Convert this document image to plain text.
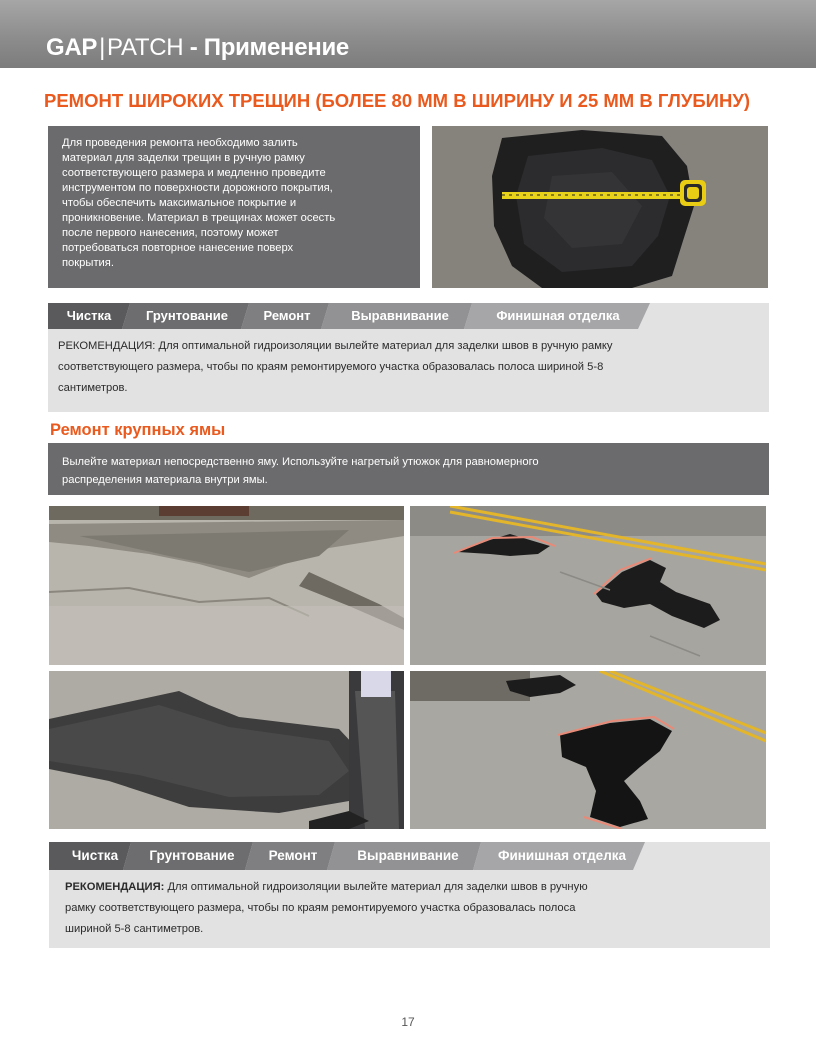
GAP|PATCH - Применение
РЕМОНТ ШИРОКИХ ТРЕЩИН (БОЛЕЕ 80 ММ В ШИРИНУ И 25 ММ В ГЛУБИНУ)

Для проведения ремонта необходимо залить

материал для заделки трещин в ручную рамку

соответствующего размера и медленно проведите

инструментом по поверхности дорожного покрытия,

чтобы обеспечить максимальное покрытие и

проникновение. Материал в трещинах может осесть

после первого нанесения, поэтому может

потребоваться повторное нанесение поверх

покрытия.

Чистка	Грунтование	Ремонт	Выравнивание	Финишная отделка
РЕКОМЕНДАЦИЯ: Для оптимальной гидроизоляции вылейте материал для заделки швов в ручную рамку
соответствующего размера, чтобы по краям ремонтируемого участка образовалась полоса шириной 5-8
сантиметров.
Ремонт крупных ямы

Вылейте материал непосредственно яму. Используйте нагретый утюжок для равномерного

распределения материала внутри ямы.

Чистка	Грунтование	Ремонт	Выравнивание	Финишная отделка
РЕКОМЕНДАЦИЯ: Для оптимальной гидроизоляции вылейте материал для заделки швов в ручную
рамку соответствующего размера, чтобы по краям ремонтируемого участка образовалась полоса
шириной 5-8 сантиметров.
17
